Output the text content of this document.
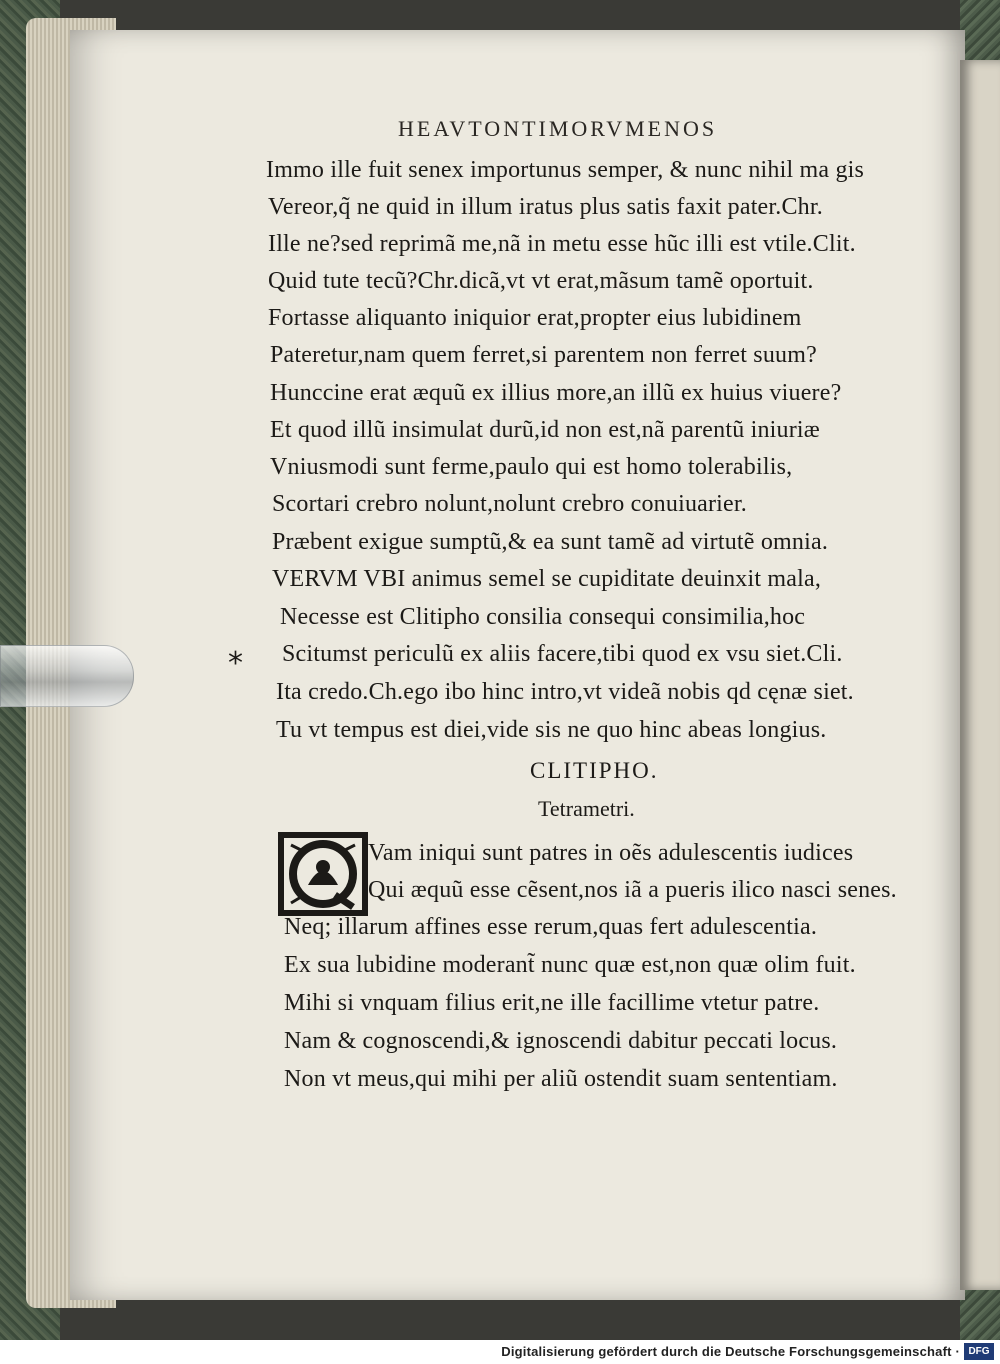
HEAVTONTIMORVMENOS
Immo ille fuit senex importunus semper, & nunc nihil ma gis
Vereor,q̃ ne quid in illum iratus plus satis faxit pater.Chr.
Ille ne?sed reprimã me,nã in metu esse hũc illi est vtile.Clit.
Quid tute tecũ?Chr.dicã,vt vt erat,mãsum tamẽ oportuit.
Fortasse aliquanto iniquior erat,propter eius lubidinem
Pateretur,nam quem ferret,si parentem non ferret suum?
Hunccine erat æquũ ex illius more,an illũ ex huius viuere?
Et quod illũ insimulat durũ,id non est,nã parentũ iniuriæ
Vniusmodi sunt ferme,paulo qui est homo tolerabilis,
Scortari crebro nolunt,nolunt crebro conuiuarier.
Præbent exigue sumptũ,& ea sunt tamẽ ad virtutẽ omnia.
VERVM VBI animus semel se cupiditate deuinxit mala,
Necesse est Clitipho consilia consequi consimilia,hoc
* Scitumst periculũ ex aliis facere,tibi quod ex vsu siet.Cli.
Ita credo.Ch.ego ibo hinc intro,vt videã nobis qd cęnæ siet.
Tu vt tempus est diei,vide sis ne quo hinc abeas longius.
CLITIPHO.
Tetrametri.
Vam iniqui sunt patres in oẽs adulescentis iudices
Qui æquũ esse cẽsent,nos iã a pueris ilico nasci senes.
Neq; illarum affines esse rerum,quas fert adulescentia.
Ex sua lubidine moderant̃ nunc quæ est,non quæ olim fuit.
Mihi si vnquam filius erit,ne ille facillime vtetur patre.
Nam & cognoscendi,& ignoscendi dabitur peccati locus.
Non vt meus,qui mihi per aliũ ostendit suam sententiam.
Digitalisierung gefördert durch die Deutsche Forschungsgemeinschaft · DFG
